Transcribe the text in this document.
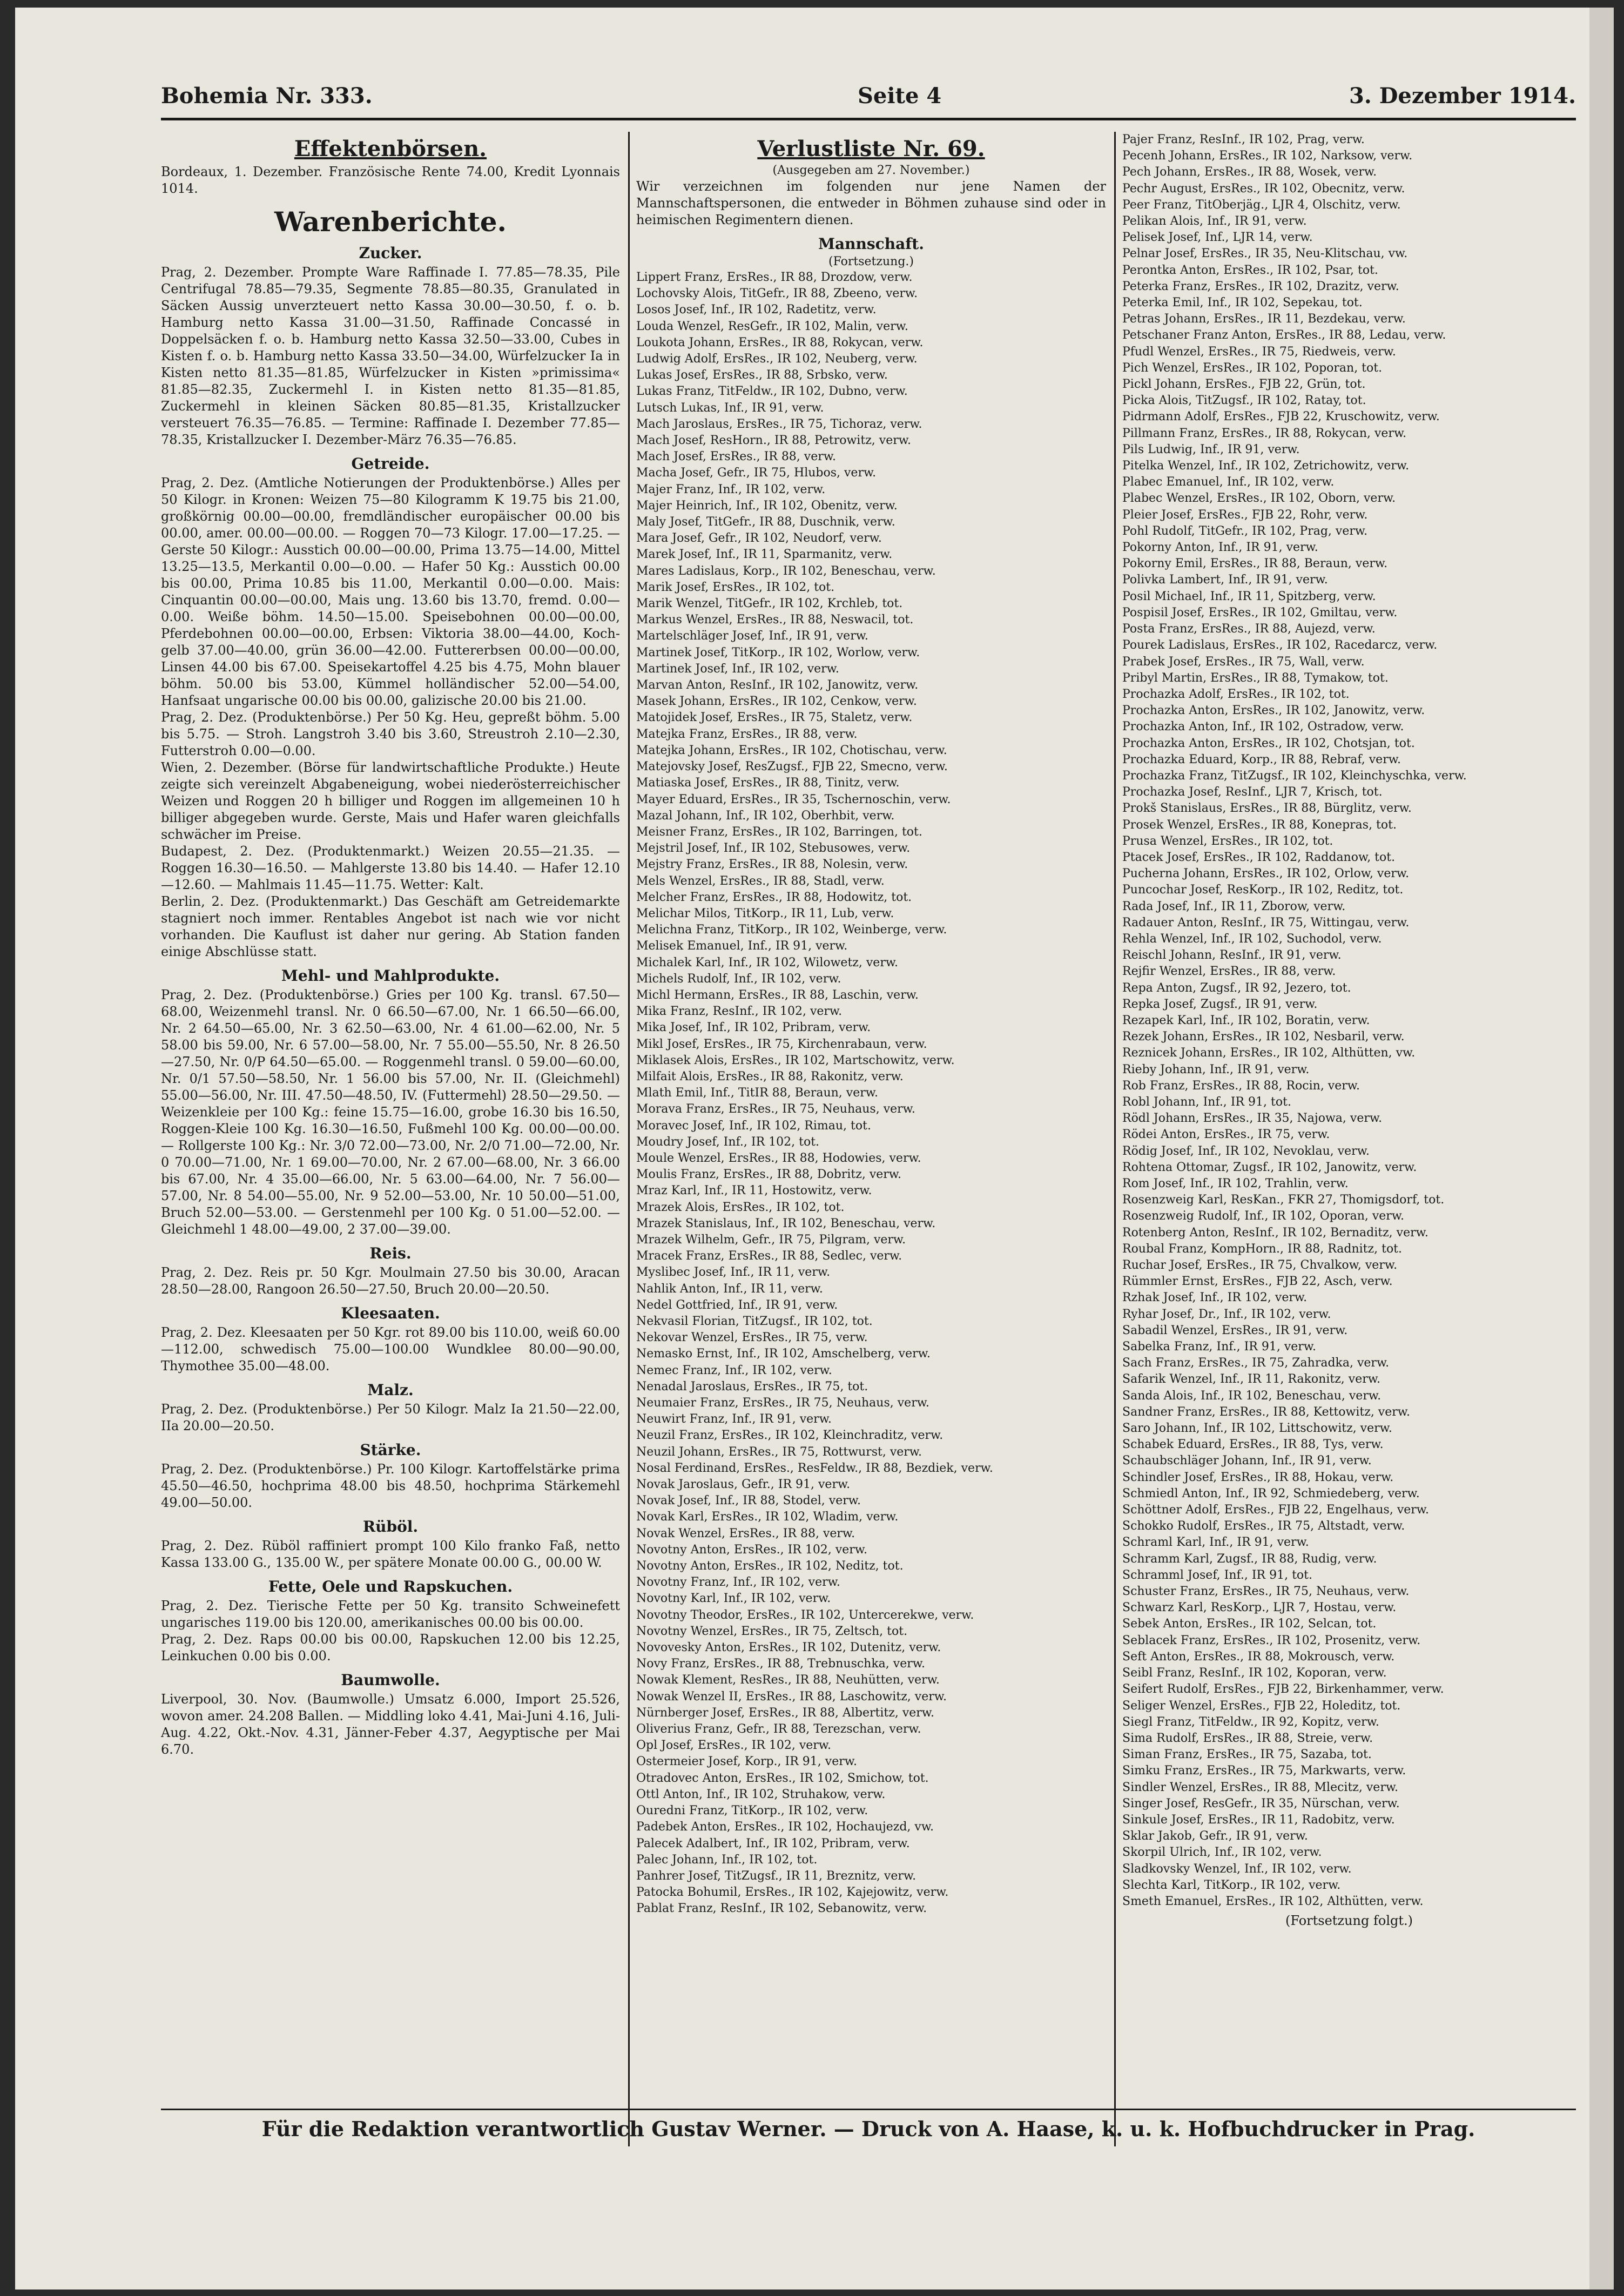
Bohemia Nr. 333.	Seite 4	3. Dezember 1914.
Effektenbörsen.

Bordeaux, 1. Dezember. Französische Rente 74.00, Kredit Lyonnais 1014.

Warenberichte.
Zucker.

Prag, 2. Dezember. Prompte Ware Raffinade I. 77.85—78.35, Pile Centrifugal 78.85—79.35, Segmente 78.85—80.35, Granulated in Säcken Aussig unverzteuert netto Kassa 30.00—30.50, f. o. b. Hamburg netto Kassa 31.00—31.50, Raffinade Concassé in Doppelsäcken f. o. b. Hamburg netto Kassa 32.50—33.00, Cubes in Kisten f. o. b. Hamburg netto Kassa 33.50—34.00, Würfelzucker Ia in Kisten netto 81.35—81.85, Würfelzucker in Kisten »primissima« 81.85—82.35, Zuckermehl I. in Kisten netto 81.35—81.85, Zuckermehl in kleinen Säcken 80.85—81.35, Kristallzucker versteuert 76.35—76.85. — Termine: Raffinade I. Dezember 77.85—78.35, Kristallzucker I. Dezember-März 76.35—76.85.

Getreide.

Prag, 2. Dez. (Amtliche Notierungen der Produktenbörse.) Alles per 50 Kilogr. in Kronen: Weizen 75—80 Kilogramm K 19.75 bis 21.00, großkörnig 00.00—00.00, fremdländischer europäischer 00.00 bis 00.00, amer. 00.00—00.00. — Roggen 70—73 Kilogr. 17.00—17.25. — Gerste 50 Kilogr.: Ausstich 00.00—00.00, Prima 13.75—14.00, Mittel 13.25—13.5, Merkantil 0.00—0.00. — Hafer 50 Kg.: Ausstich 00.00 bis 00.00, Prima 10.85 bis 11.00, Merkantil 0.00—0.00. Mais: Cinquantin 00.00—00.00, Mais ung. 13.60 bis 13.70, fremd. 0.00—0.00. Weiße böhm. 14.50—15.00. Speisebohnen 00.00—00.00, Pferdebohnen 00.00—00.00, Erbsen: Viktoria 38.00—44.00, Koch- gelb 37.00—40.00, grün 36.00—42.00. Futtererbsen 00.00—00.00, Linsen 44.00 bis 67.00. Speisekartoffel 4.25 bis 4.75, Mohn blauer böhm. 50.00 bis 53.00, Kümmel holländischer 52.00—54.00, Hanfsaat ungarische 00.00 bis 00.00, galizische 20.00 bis 21.00.

Prag, 2. Dez. (Produktenbörse.) Per 50 Kg. Heu, gepreßt böhm. 5.00 bis 5.75. — Stroh. Langstroh 3.40 bis 3.60, Streustroh 2.10—2.30, Futterstroh 0.00—0.00.

Wien, 2. Dezember. (Börse für landwirtschaftliche Produkte.) Heute zeigte sich vereinzelt Abgabeneigung, wobei niederösterreichischer Weizen und Roggen 20 h billiger und Roggen im allgemeinen 10 h billiger abgegeben wurde. Gerste, Mais und Hafer waren gleichfalls schwächer im Preise.

Budapest, 2. Dez. (Produktenmarkt.) Weizen 20.55—21.35. — Roggen 16.30—16.50. — Mahlgerste 13.80 bis 14.40. — Hafer 12.10—12.60. — Mahlmais 11.45—11.75. Wetter: Kalt.

Berlin, 2. Dez. (Produktenmarkt.) Das Geschäft am Getreidemarkte stagniert noch immer. Rentables Angebot ist nach wie vor nicht vorhanden. Die Kauflust ist daher nur gering. Ab Station fanden einige Abschlüsse statt.

Mehl- und Mahlprodukte.

Prag, 2. Dez. (Produktenbörse.) Gries per 100 Kg. transl. 67.50—68.00, Weizenmehl transl. Nr. 0 66.50—67.00, Nr. 1 66.50—66.00, Nr. 2 64.50—65.00, Nr. 3 62.50—63.00, Nr. 4 61.00—62.00, Nr. 5 58.00 bis 59.00, Nr. 6 57.00—58.00, Nr. 7 55.00—55.50, Nr. 8 26.50—27.50, Nr. 0/P 64.50—65.00. — Roggenmehl transl. 0 59.00—60.00, Nr. 0/1 57.50—58.50, Nr. 1 56.00 bis 57.00, Nr. II. (Gleichmehl) 55.00—56.00, Nr. III. 47.50—48.50, IV. (Futtermehl) 28.50—29.50. — Weizenkleie per 100 Kg.: feine 15.75—16.00, grobe 16.30 bis 16.50, Roggen-Kleie 100 Kg. 16.30—16.50, Fußmehl 100 Kg. 00.00—00.00. — Rollgerste 100 Kg.: Nr. 3/0 72.00—73.00, Nr. 2/0 71.00—72.00, Nr. 0 70.00—71.00, Nr. 1 69.00—70.00, Nr. 2 67.00—68.00, Nr. 3 66.00 bis 67.00, Nr. 4 35.00—66.00, Nr. 5 63.00—64.00, Nr. 7 56.00—57.00, Nr. 8 54.00—55.00, Nr. 9 52.00—53.00, Nr. 10 50.00—51.00, Bruch 52.00—53.00. — Gerstenmehl per 100 Kg. 0 51.00—52.00. — Gleichmehl 1 48.00—49.00, 2 37.00—39.00.

Reis.

Prag, 2. Dez. Reis pr. 50 Kgr. Moulmain 27.50 bis 30.00, Aracan 28.50—28.00, Rangoon 26.50—27.50, Bruch 20.00—20.50.

Kleesaaten.

Prag, 2. Dez. Kleesaaten per 50 Kgr. rot 89.00 bis 110.00, weiß 60.00—112.00, schwedisch 75.00—100.00 Wundklee 80.00—90.00, Thymothee 35.00—48.00.

Malz.

Prag, 2. Dez. (Produktenbörse.) Per 50 Kilogr. Malz Ia 21.50—22.00, IIa 20.00—20.50.

Stärke.

Prag, 2. Dez. (Produktenbörse.) Pr. 100 Kilogr. Kartoffelstärke prima 45.50—46.50, hochprima 48.00 bis 48.50, hochprima Stärkemehl 49.00—50.00.

Rüböl.

Prag, 2. Dez. Rüböl raffiniert prompt 100 Kilo franko Faß, netto Kassa 133.00 G., 135.00 W., per spätere Monate 00.00 G., 00.00 W.

Fette, Oele und Rapskuchen.

Prag, 2. Dez. Tierische Fette per 50 Kg. transito Schweinefett ungarisches 119.00 bis 120.00, amerikanisches 00.00 bis 00.00.

Prag, 2. Dez. Raps 00.00 bis 00.00, Rapskuchen 12.00 bis 12.25, Leinkuchen 0.00 bis 0.00.

Baumwolle.

Liverpool, 30. Nov. (Baumwolle.) Umsatz 6.000, Import 25.526, wovon amer. 24.208 Ballen. — Middling loko 4.41, Mai-Juni 4.16, Juli-Aug. 4.22, Okt.-Nov. 4.31, Jänner-Feber 4.37, Aegyptische per Mai 6.70.

Verlustliste Nr. 69.
(Ausgegeben am 27. November.)

Wir verzeichnen im folgenden nur jene Namen der Mannschaftspersonen, die entweder in Böhmen zuhause sind oder in heimischen Regimentern dienen.

Mannschaft.
(Fortsetzung.)
Lippert Franz, ErsRes., IR 88, Drozdow, verw.
Lochovsky Alois, TitGefr., IR 88, Zbeeno, verw.
Losos Josef, Inf., IR 102, Radetitz, verw.
Louda Wenzel, ResGefr., IR 102, Malin, verw.
Loukota Johann, ErsRes., IR 88, Rokycan, verw.
Ludwig Adolf, ErsRes., IR 102, Neuberg, verw.
Lukas Josef, ErsRes., IR 88, Srbsko, verw.
Lukas Franz, TitFeldw., IR 102, Dubno, verw.
Lutsch Lukas, Inf., IR 91, verw.
Mach Jaroslaus, ErsRes., IR 75, Tichoraz, verw.
Mach Josef, ResHorn., IR 88, Petrowitz, verw.
Mach Josef, ErsRes., IR 88, verw.
Macha Josef, Gefr., IR 75, Hlubos, verw.
Majer Franz, Inf., IR 102, verw.
Majer Heinrich, Inf., IR 102, Obenitz, verw.
Maly Josef, TitGefr., IR 88, Duschnik, verw.
Mara Josef, Gefr., IR 102, Neudorf, verw.
Marek Josef, Inf., IR 11, Sparmanitz, verw.
Mares Ladislaus, Korp., IR 102, Beneschau, verw.
Marik Josef, ErsRes., IR 102, tot.
Marik Wenzel, TitGefr., IR 102, Krchleb, tot.
Markus Wenzel, ErsRes., IR 88, Neswacil, tot.
Martelschläger Josef, Inf., IR 91, verw.
Martinek Josef, TitKorp., IR 102, Worlow, verw.
Martinek Josef, Inf., IR 102, verw.
Marvan Anton, ResInf., IR 102, Janowitz, verw.
Masek Johann, ErsRes., IR 102, Cenkow, verw.
Matojidek Josef, ErsRes., IR 75, Staletz, verw.
Matejka Franz, ErsRes., IR 88, verw.
Matejka Johann, ErsRes., IR 102, Chotischau, verw.
Matejovsky Josef, ResZugsf., FJB 22, Smecno, verw.
Matiaska Josef, ErsRes., IR 88, Tinitz, verw.
Mayer Eduard, ErsRes., IR 35, Tschernoschin, verw.
Mazal Johann, Inf., IR 102, Oberhbit, verw.
Meisner Franz, ErsRes., IR 102, Barringen, tot.
Mejstril Josef, Inf., IR 102, Stebusowes, verw.
Mejstry Franz, ErsRes., IR 88, Nolesin, verw.
Mels Wenzel, ErsRes., IR 88, Stadl, verw.
Melcher Franz, ErsRes., IR 88, Hodowitz, tot.
Melichar Milos, TitKorp., IR 11, Lub, verw.
Melichna Franz, TitKorp., IR 102, Weinberge, verw.
Melisek Emanuel, Inf., IR 91, verw.
Michalek Karl, Inf., IR 102, Wilowetz, verw.
Michels Rudolf, Inf., IR 102, verw.
Michl Hermann, ErsRes., IR 88, Laschin, verw.
Mika Franz, ResInf., IR 102, verw.
Mika Josef, Inf., IR 102, Pribram, verw.
Mikl Josef, ErsRes., IR 75, Kirchenrabaun, verw.
Miklasek Alois, ErsRes., IR 102, Martschowitz, verw.
Milfait Alois, ErsRes., IR 88, Rakonitz, verw.
Mlath Emil, Inf., TitIR 88, Beraun, verw.
Morava Franz, ErsRes., IR 75, Neuhaus, verw.
Moravec Josef, Inf., IR 102, Rimau, tot.
Moudry Josef, Inf., IR 102, tot.
Moule Wenzel, ErsRes., IR 88, Hodowies, verw.
Moulis Franz, ErsRes., IR 88, Dobritz, verw.
Mraz Karl, Inf., IR 11, Hostowitz, verw.
Mrazek Alois, ErsRes., IR 102, tot.
Mrazek Stanislaus, Inf., IR 102, Beneschau, verw.
Mrazek Wilhelm, Gefr., IR 75, Pilgram, verw.
Mracek Franz, ErsRes., IR 88, Sedlec, verw.
Myslibec Josef, Inf., IR 11, verw.
Nahlik Anton, Inf., IR 11, verw.
Nedel Gottfried, Inf., IR 91, verw.
Nekvasil Florian, TitZugsf., IR 102, tot.
Nekovar Wenzel, ErsRes., IR 75, verw.
Nemasko Ernst, Inf., IR 102, Amschelberg, verw.
Nemec Franz, Inf., IR 102, verw.
Nenadal Jaroslaus, ErsRes., IR 75, tot.
Neumaier Franz, ErsRes., IR 75, Neuhaus, verw.
Neuwirt Franz, Inf., IR 91, verw.
Neuzil Franz, ErsRes., IR 102, Kleinchraditz, verw.
Neuzil Johann, ErsRes., IR 75, Rottwurst, verw.
Nosal Ferdinand, ErsRes., ResFeldw., IR 88, Bezdiek, verw.
Novak Jaroslaus, Gefr., IR 91, verw.
Novak Josef, Inf., IR 88, Stodel, verw.
Novak Karl, ErsRes., IR 102, Wladim, verw.
Novak Wenzel, ErsRes., IR 88, verw.
Novotny Anton, ErsRes., IR 102, verw.
Novotny Anton, ErsRes., IR 102, Neditz, tot.
Novotny Franz, Inf., IR 102, verw.
Novotny Karl, Inf., IR 102, verw.
Novotny Theodor, ErsRes., IR 102, Untercerekwe, verw.
Novotny Wenzel, ErsRes., IR 75, Zeltsch, tot.
Novovesky Anton, ErsRes., IR 102, Dutenitz, verw.
Novy Franz, ErsRes., IR 88, Trebnuschka, verw.
Nowak Klement, ResRes., IR 88, Neuhütten, verw.
Nowak Wenzel II, ErsRes., IR 88, Laschowitz, verw.
Nürnberger Josef, ErsRes., IR 88, Albertitz, verw.
Oliverius Franz, Gefr., IR 88, Terezschan, verw.
Opl Josef, ErsRes., IR 102, verw.
Ostermeier Josef, Korp., IR 91, verw.
Otradovec Anton, ErsRes., IR 102, Smichow, tot.
Ottl Anton, Inf., IR 102, Struhakow, verw.
Ouredni Franz, TitKorp., IR 102, verw.
Padebek Anton, ErsRes., IR 102, Hochaujezd, vw.
Palecek Adalbert, Inf., IR 102, Pribram, verw.
Palec Johann, Inf., IR 102, tot.
Panhrer Josef, TitZugsf., IR 11, Breznitz, verw.
Patocka Bohumil, ErsRes., IR 102, Kajejowitz, verw.
Pablat Franz, ResInf., IR 102, Sebanowitz, verw.
Pajer Franz, ResInf., IR 102, Prag, verw.
Pecenh Johann, ErsRes., IR 102, Narksow, verw.
Pech Johann, ErsRes., IR 88, Wosek, verw.
Pechr August, ErsRes., IR 102, Obecnitz, verw.
Peer Franz, TitOberjäg., LJR 4, Olschitz, verw.
Pelikan Alois, Inf., IR 91, verw.
Pelisek Josef, Inf., LJR 14, verw.
Pelnar Josef, ErsRes., IR 35, Neu-Klitschau, vw.
Perontka Anton, ErsRes., IR 102, Psar, tot.
Peterka Franz, ErsRes., IR 102, Drazitz, verw.
Peterka Emil, Inf., IR 102, Sepekau, tot.
Petras Johann, ErsRes., IR 11, Bezdekau, verw.
Petschaner Franz Anton, ErsRes., IR 88, Ledau, verw.
Pfudl Wenzel, ErsRes., IR 75, Riedweis, verw.
Pich Wenzel, ErsRes., IR 102, Poporan, tot.
Pickl Johann, ErsRes., FJB 22, Grün, tot.
Picka Alois, TitZugsf., IR 102, Ratay, tot.
Pidrmann Adolf, ErsRes., FJB 22, Kruschowitz, verw.
Pillmann Franz, ErsRes., IR 88, Rokycan, verw.
Pils Ludwig, Inf., IR 91, verw.
Pitelka Wenzel, Inf., IR 102, Zetrichowitz, verw.
Plabec Emanuel, Inf., IR 102, verw.
Plabec Wenzel, ErsRes., IR 102, Oborn, verw.
Pleier Josef, ErsRes., FJB 22, Rohr, verw.
Pohl Rudolf, TitGefr., IR 102, Prag, verw.
Pokorny Anton, Inf., IR 91, verw.
Pokorny Emil, ErsRes., IR 88, Beraun, verw.
Polivka Lambert, Inf., IR 91, verw.
Posil Michael, Inf., IR 11, Spitzberg, verw.
Pospisil Josef, ErsRes., IR 102, Gmiltau, verw.
Posta Franz, ErsRes., IR 88, Aujezd, verw.
Pourek Ladislaus, ErsRes., IR 102, Racedarcz, verw.
Prabek Josef, ErsRes., IR 75, Wall, verw.
Pribyl Martin, ErsRes., IR 88, Tymakow, tot.
Prochazka Adolf, ErsRes., IR 102, tot.
Prochazka Anton, ErsRes., IR 102, Janowitz, verw.
Prochazka Anton, Inf., IR 102, Ostradow, verw.
Prochazka Anton, ErsRes., IR 102, Chotsjan, tot.
Prochazka Eduard, Korp., IR 88, Rebraf, verw.
Prochazka Franz, TitZugsf., IR 102, Kleinchyschka, verw.
Prochazka Josef, ResInf., LJR 7, Krisch, tot.
Prokš Stanislaus, ErsRes., IR 88, Bürglitz, verw.
Prosek Wenzel, ErsRes., IR 88, Konepras, tot.
Prusa Wenzel, ErsRes., IR 102, tot.
Ptacek Josef, ErsRes., IR 102, Raddanow, tot.
Pucherna Johann, ErsRes., IR 102, Orlow, verw.
Puncochar Josef, ResKorp., IR 102, Reditz, tot.
Rada Josef, Inf., IR 11, Zborow, verw.
Radauer Anton, ResInf., IR 75, Wittingau, verw.
Rehla Wenzel, Inf., IR 102, Suchodol, verw.
Reischl Johann, ResInf., IR 91, verw.
Rejfir Wenzel, ErsRes., IR 88, verw.
Repa Anton, Zugsf., IR 92, Jezero, tot.
Repka Josef, Zugsf., IR 91, verw.
Rezapek Karl, Inf., IR 102, Boratin, verw.
Rezek Johann, ErsRes., IR 102, Nesbaril, verw.
Reznicek Johann, ErsRes., IR 102, Althütten, vw.
Rieby Johann, Inf., IR 91, verw.
Rob Franz, ErsRes., IR 88, Rocin, verw.
Robl Johann, Inf., IR 91, tot.
Rödl Johann, ErsRes., IR 35, Najowa, verw.
Rödei Anton, ErsRes., IR 75, verw.
Rödig Josef, Inf., IR 102, Nevoklau, verw.
Rohtena Ottomar, Zugsf., IR 102, Janowitz, verw.
Rom Josef, Inf., IR 102, Trahlin, verw.
Rosenzweig Karl, ResKan., FKR 27, Thomigsdorf, tot.
Rosenzweig Rudolf, Inf., IR 102, Oporan, verw.
Rotenberg Anton, ResInf., IR 102, Bernaditz, verw.
Roubal Franz, KompHorn., IR 88, Radnitz, tot.
Ruchar Josef, ErsRes., IR 75, Chvalkow, verw.
Rümmler Ernst, ErsRes., FJB 22, Asch, verw.
Rzhak Josef, Inf., IR 102, verw.
Ryhar Josef, Dr., Inf., IR 102, verw.
Sabadil Wenzel, ErsRes., IR 91, verw.
Sabelka Franz, Inf., IR 91, verw.
Sach Franz, ErsRes., IR 75, Zahradka, verw.
Safarik Wenzel, Inf., IR 11, Rakonitz, verw.
Sanda Alois, Inf., IR 102, Beneschau, verw.
Sandner Franz, ErsRes., IR 88, Kettowitz, verw.
Saro Johann, Inf., IR 102, Littschowitz, verw.
Schabek Eduard, ErsRes., IR 88, Tys, verw.
Schaubschläger Johann, Inf., IR 91, verw.
Schindler Josef, ErsRes., IR 88, Hokau, verw.
Schmiedl Anton, Inf., IR 92, Schmiedeberg, verw.
Schöttner Adolf, ErsRes., FJB 22, Engelhaus, verw.
Schokko Rudolf, ErsRes., IR 75, Altstadt, verw.
Schraml Karl, Inf., IR 91, verw.
Schramm Karl, Zugsf., IR 88, Rudig, verw.
Schramml Josef, Inf., IR 91, tot.
Schuster Franz, ErsRes., IR 75, Neuhaus, verw.
Schwarz Karl, ResKorp., LJR 7, Hostau, verw.
Sebek Anton, ErsRes., IR 102, Selcan, tot.
Seblacek Franz, ErsRes., IR 102, Prosenitz, verw.
Seft Anton, ErsRes., IR 88, Mokrousch, verw.
Seibl Franz, ResInf., IR 102, Koporan, verw.
Seifert Rudolf, ErsRes., FJB 22, Birkenhammer, verw.
Seliger Wenzel, ErsRes., FJB 22, Holeditz, tot.
Siegl Franz, TitFeldw., IR 92, Kopitz, verw.
Sima Rudolf, ErsRes., IR 88, Streie, verw.
Siman Franz, ErsRes., IR 75, Sazaba, tot.
Simku Franz, ErsRes., IR 75, Markwarts, verw.
Sindler Wenzel, ErsRes., IR 88, Mlecitz, verw.
Singer Josef, ResGefr., IR 35, Nürschan, verw.
Sinkule Josef, ErsRes., IR 11, Radobitz, verw.
Sklar Jakob, Gefr., IR 91, verw.
Skorpil Ulrich, Inf., IR 102, verw.
Sladkovsky Wenzel, Inf., IR 102, verw.
Slechta Karl, TitKorp., IR 102, verw.
Smeth Emanuel, ErsRes., IR 102, Althütten, verw.
(Fortsetzung folgt.)
Für die Redaktion verantwortlich Gustav Werner. — Druck von A. Haase, k. u. k. Hofbuchdrucker in Prag.
